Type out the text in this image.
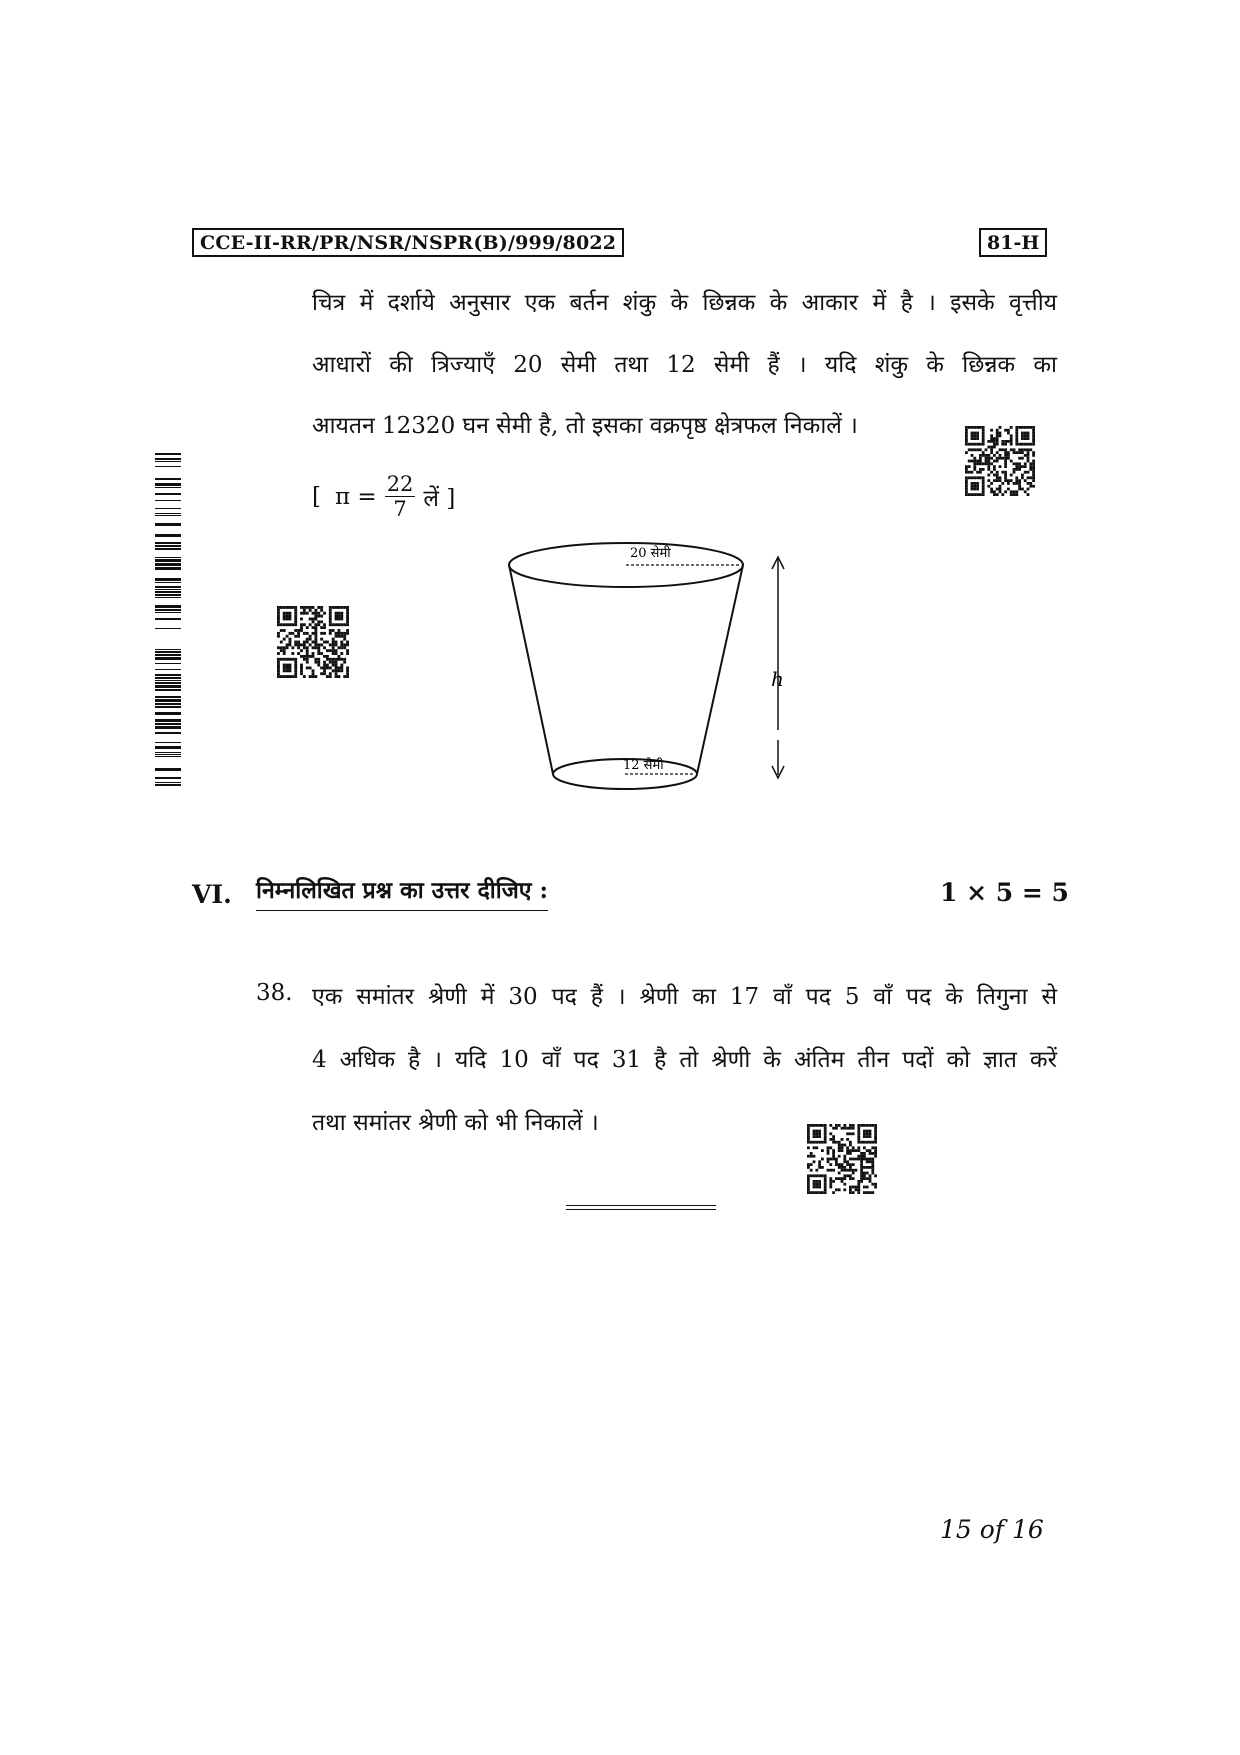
CCE-II-RR/PR/NSR/NSPR(B)/999/8022	81-H
चित्र में दर्शाये अनुसार एक बर्तन शंकु के छिन्नक के आकार में है । इसके वृत्तीय
आधारों की त्रिज्याएँ 20 सेमी तथा 12 सेमी हैं । यदि शंकु के छिन्नक का
आयतन 12320 घन सेमी है, तो इसका वक्रपृष्ठ क्षेत्रफल निकालें ।
[ $\pi = \frac{22}{7}$ लें ]
20 सेमी
12 सेमी
h
VI. निम्नलिखित प्रश्न का उत्तर दीजिए :	1 × 5 = 5
38. एक समांतर श्रेणी में 30 पद हैं । श्रेणी का 17 वाँ पद 5 वाँ पद के तिगुना से
4 अधिक है । यदि 10 वाँ पद 31 है तो श्रेणी के अंतिम तीन पदों को ज्ञात करें
तथा समांतर श्रेणी को भी निकालें ।
15 of 16
